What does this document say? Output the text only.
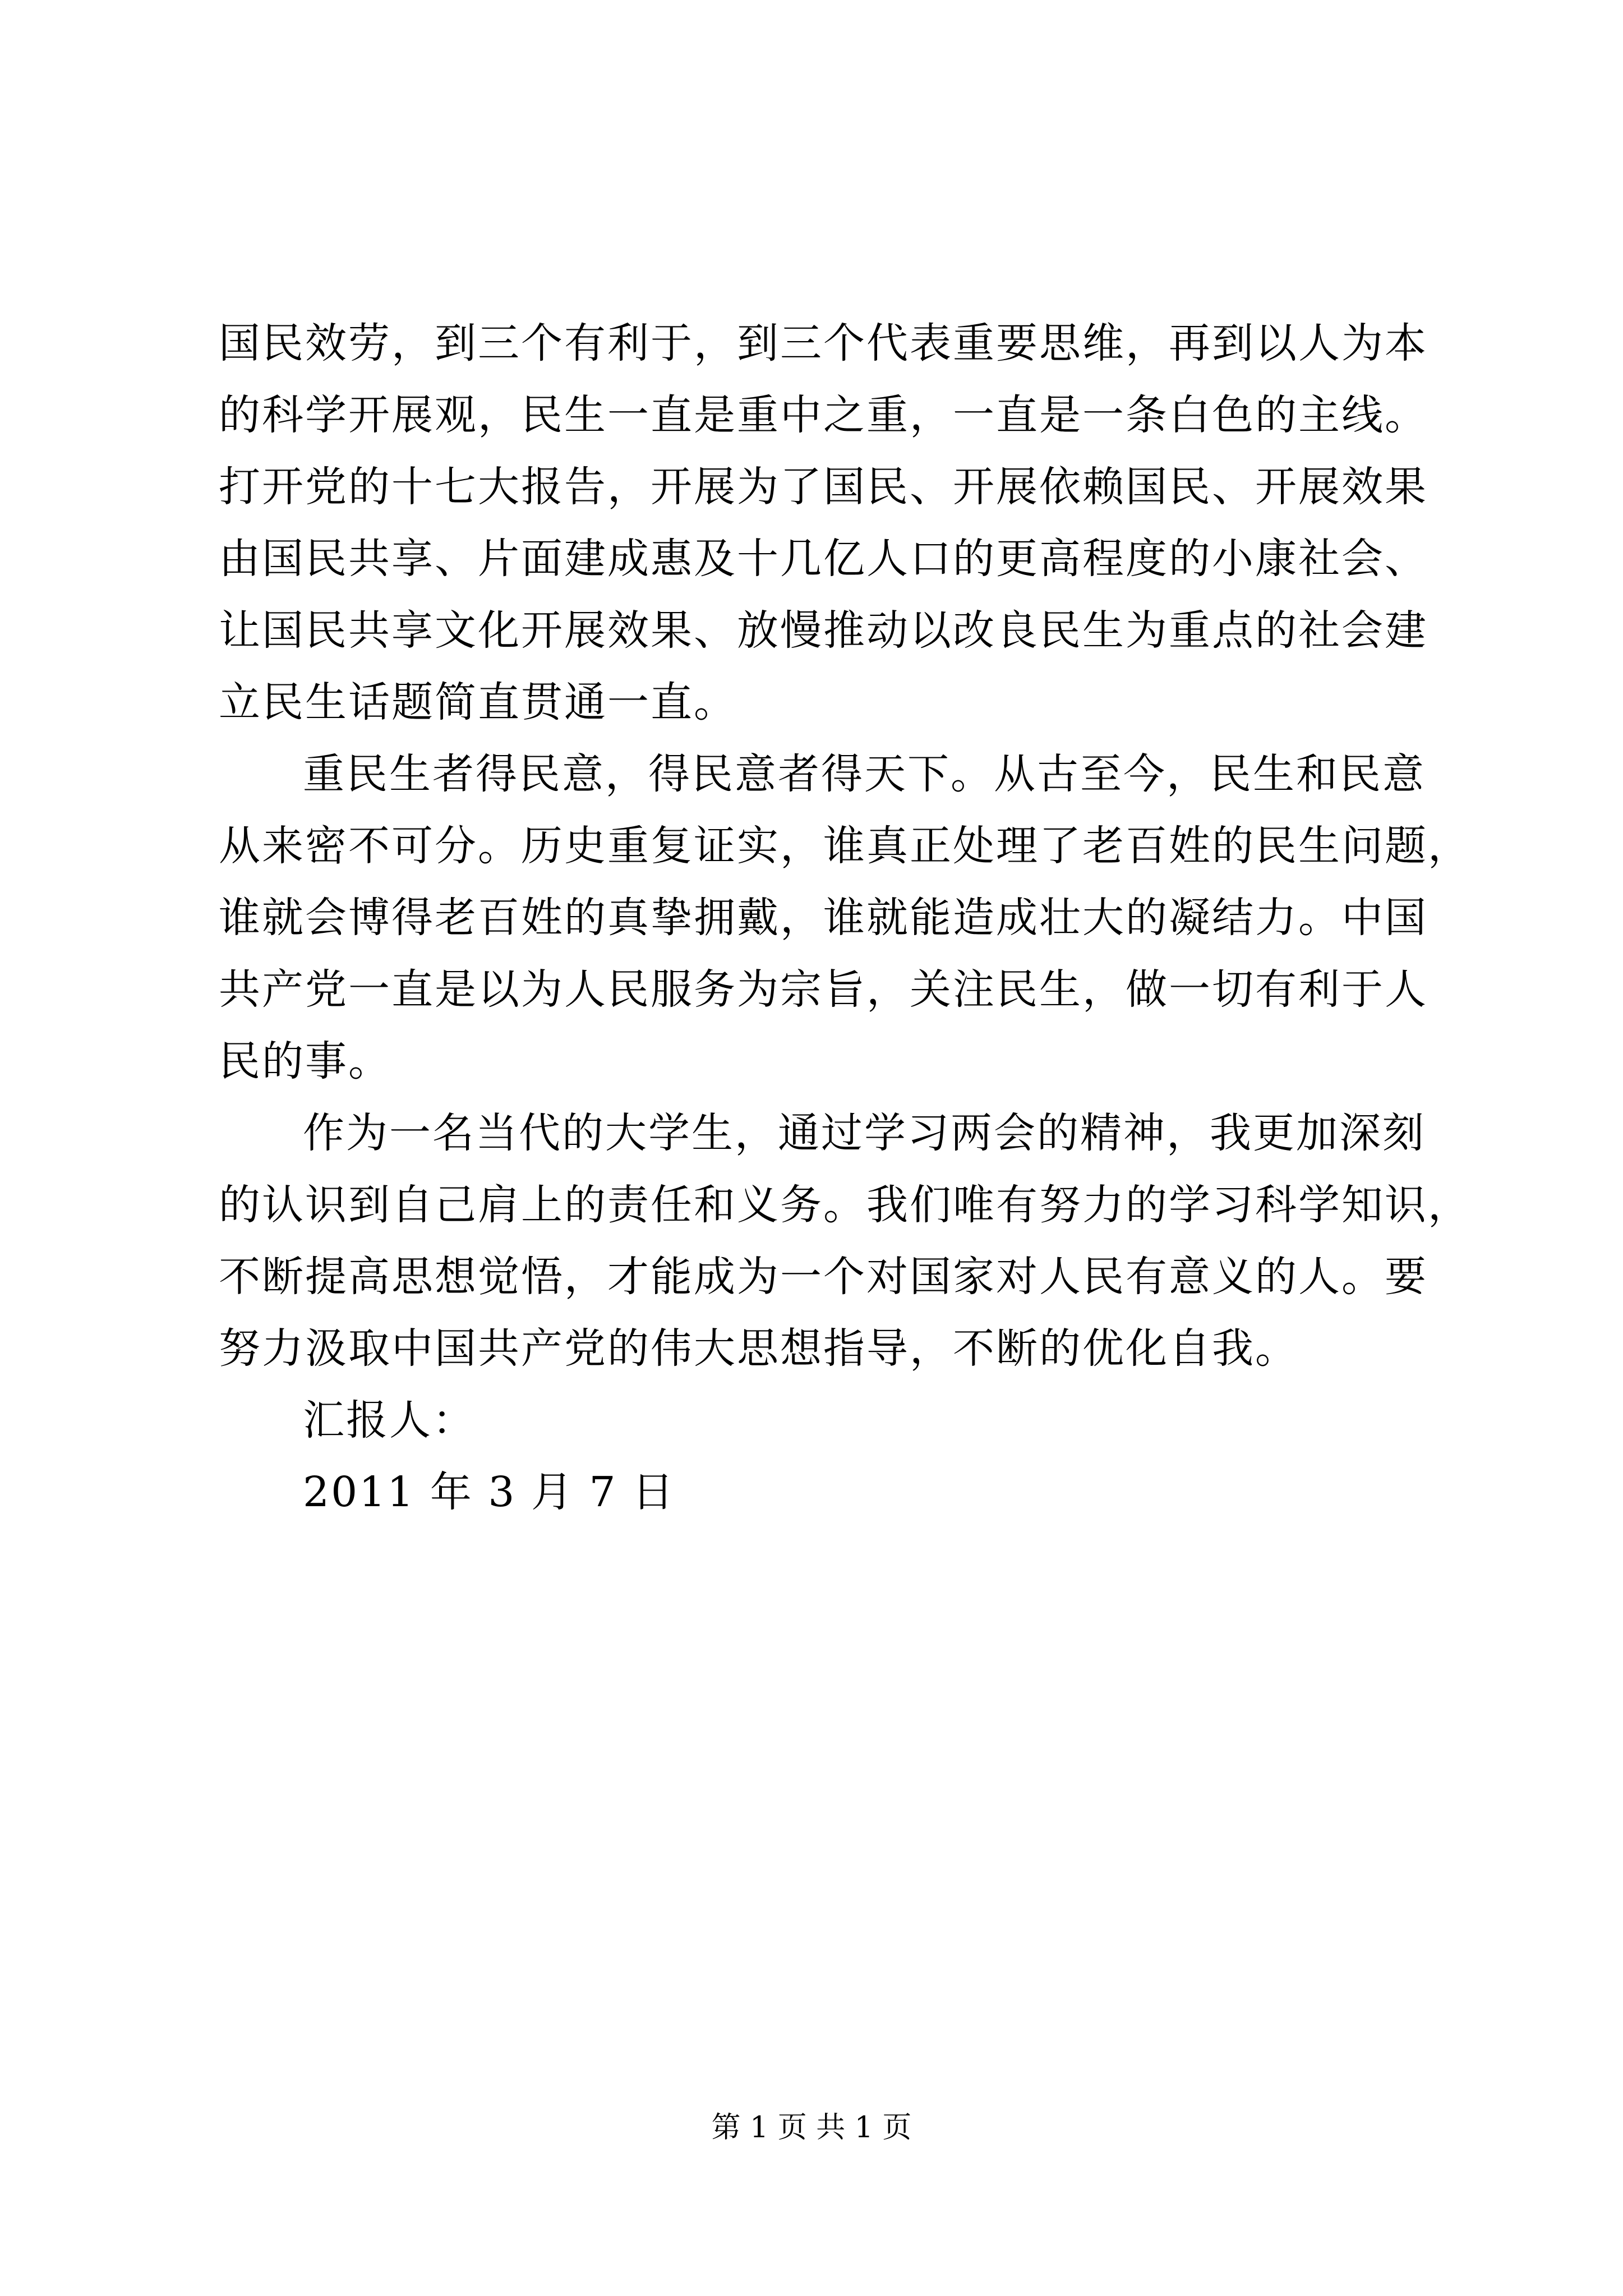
国民效劳，到三个有利于，到三个代表重要思维，再到以人为本
的科学开展观，民生一直是重中之重，一直是一条白色的主线。
打开党的十七大报告，开展为了国民、开展依赖国民、开展效果
由国民共享、片面建成惠及十几亿人口的更高程度的小康社会、
让国民共享文化开展效果、放慢推动以改良民生为重点的社会建
立民生话题简直贯通一直。
重民生者得民意，得民意者得天下。从古至今，民生和民意
从来密不可分。历史重复证实，谁真正处理了老百姓的民生问题，
谁就会博得老百姓的真挚拥戴，谁就能造成壮大的凝结力。中国
共产党一直是以为人民服务为宗旨，关注民生，做一切有利于人
民的事。
作为一名当代的大学生，通过学习两会的精神，我更加深刻
的认识到自己肩上的责任和义务。我们唯有努力的学习科学知识，
不断提高思想觉悟，才能成为一个对国家对人民有意义的人。要
努力汲取中国共产党的伟大思想指导，不断的优化自我。
汇报人：
2011 年 3 月 7 日
第 1 页 共 1 页
